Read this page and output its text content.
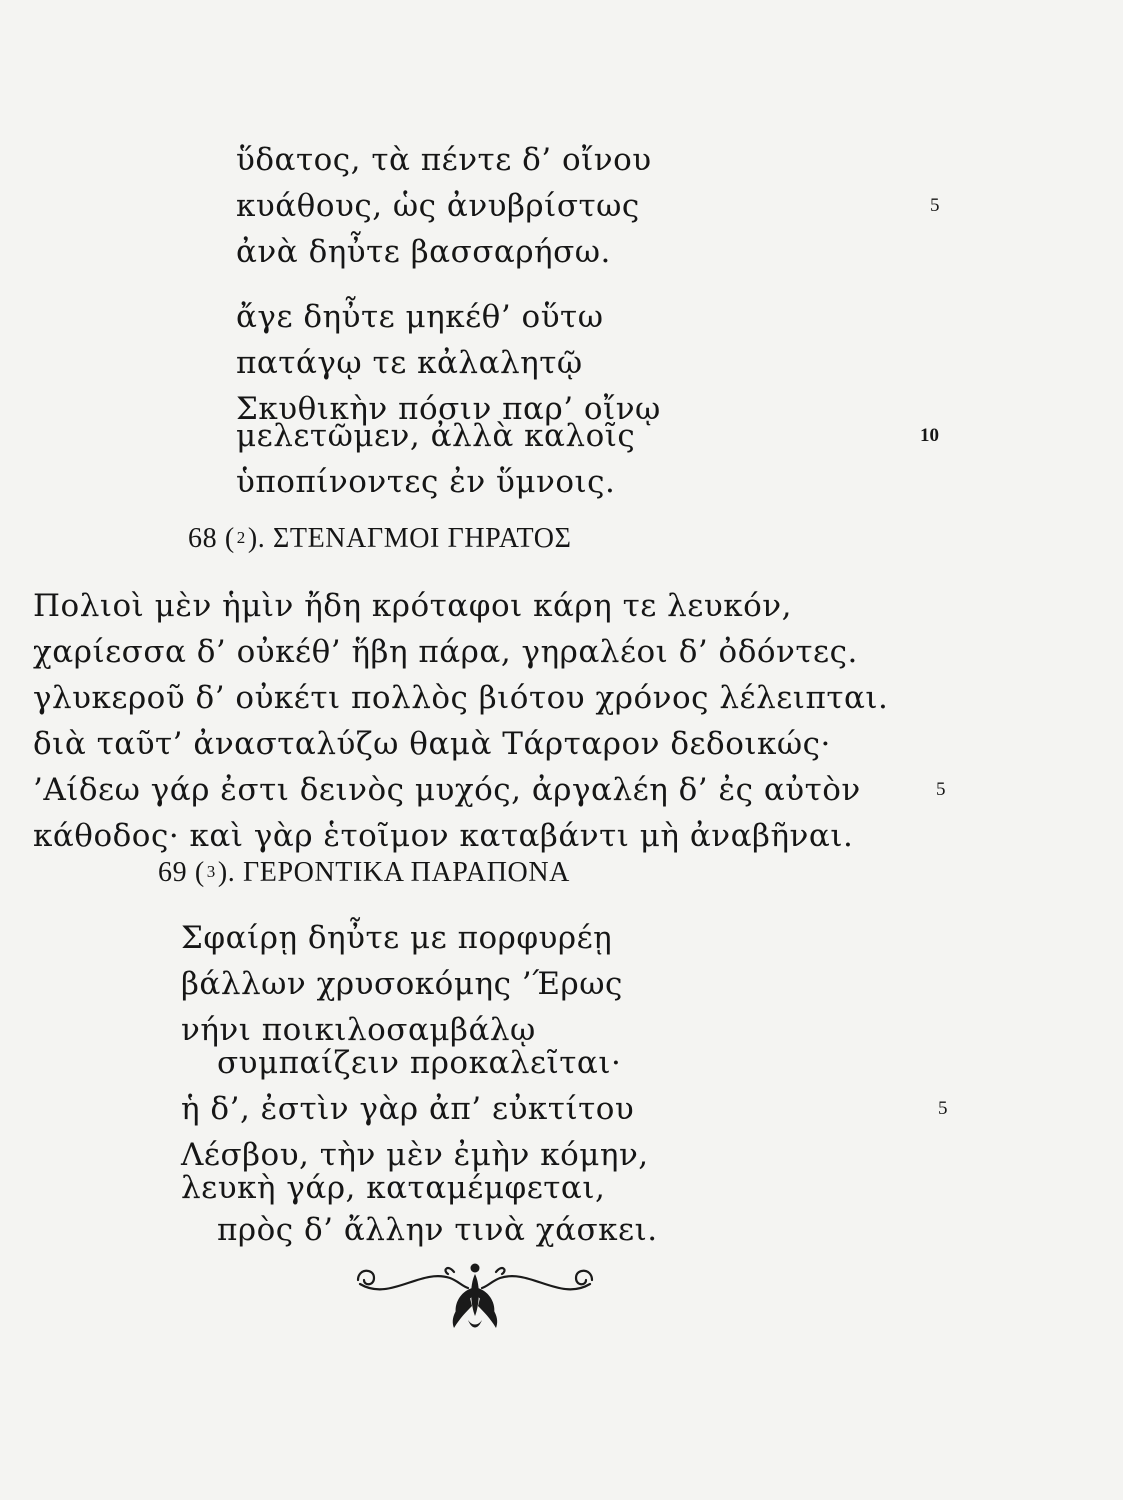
ὕδατος, τὰ πέντε δ’ οἴνου
κυάθους, ὡς ἀνυβρίστως
ἀνὰ δηὖτε βασσαρήσω.
5
ἄγε δηὖτε μηκέθ’ οὕτω
πατάγῳ τε κἀλαλητῷ
Σκυθικὴν πόσιν παρ’ οἴνῳ
μελετῶμεν, ἀλλὰ καλοῖς
ὑποπίνοντες ἐν ὕμνοις.
10
68 ( $^2$). ΣΤΕΝΑΓΜΟΙ ΓΗΡΑΤΟΣ
Πολιοὶ μὲν ἡμὶν ἤδη κρόταφοι κάρη τε λευκόν,
χαρίεσσα δ’ οὐκέθ’ ἥβη πάρα, γηραλέοι δ’ ὀδόντες.
γλυκεροῦ δ’ οὐκέτι πολλὸς βιότου χρόνος λέλειπται.
διὰ ταῦτ’ ἀνασταλύζω θαμὰ Τάρταρον δεδοικώς·
’Αίδεω γάρ ἐστι δεινὸς μυχός, ἀργαλέη δ’ ἐς αὐτὸν
κάθοδος· καὶ γὰρ ἑτοῖμον καταβάντι μὴ ἀναβῆναι.
5
69 ( $^3$). ΓΕΡΟΝΤΙΚΑ ΠΑΡΑΠΟΝΑ
Σφαίρῃ δηὖτε με πορφυρέῃ
βάλλων χρυσοκόμης ’Έρως
νήνι ποικιλοσαμβάλῳ
συμπαίζειν προκαλεῖται·
ἡ δ’, ἐστὶν γὰρ ἀπ’ εὐκτίτου
Λέσβου, τὴν μὲν ἐμὴν κόμην,
λευκὴ γάρ, καταμέμφεται,
πρὸς δ’ ἄλλην τινὰ χάσκει.
5
